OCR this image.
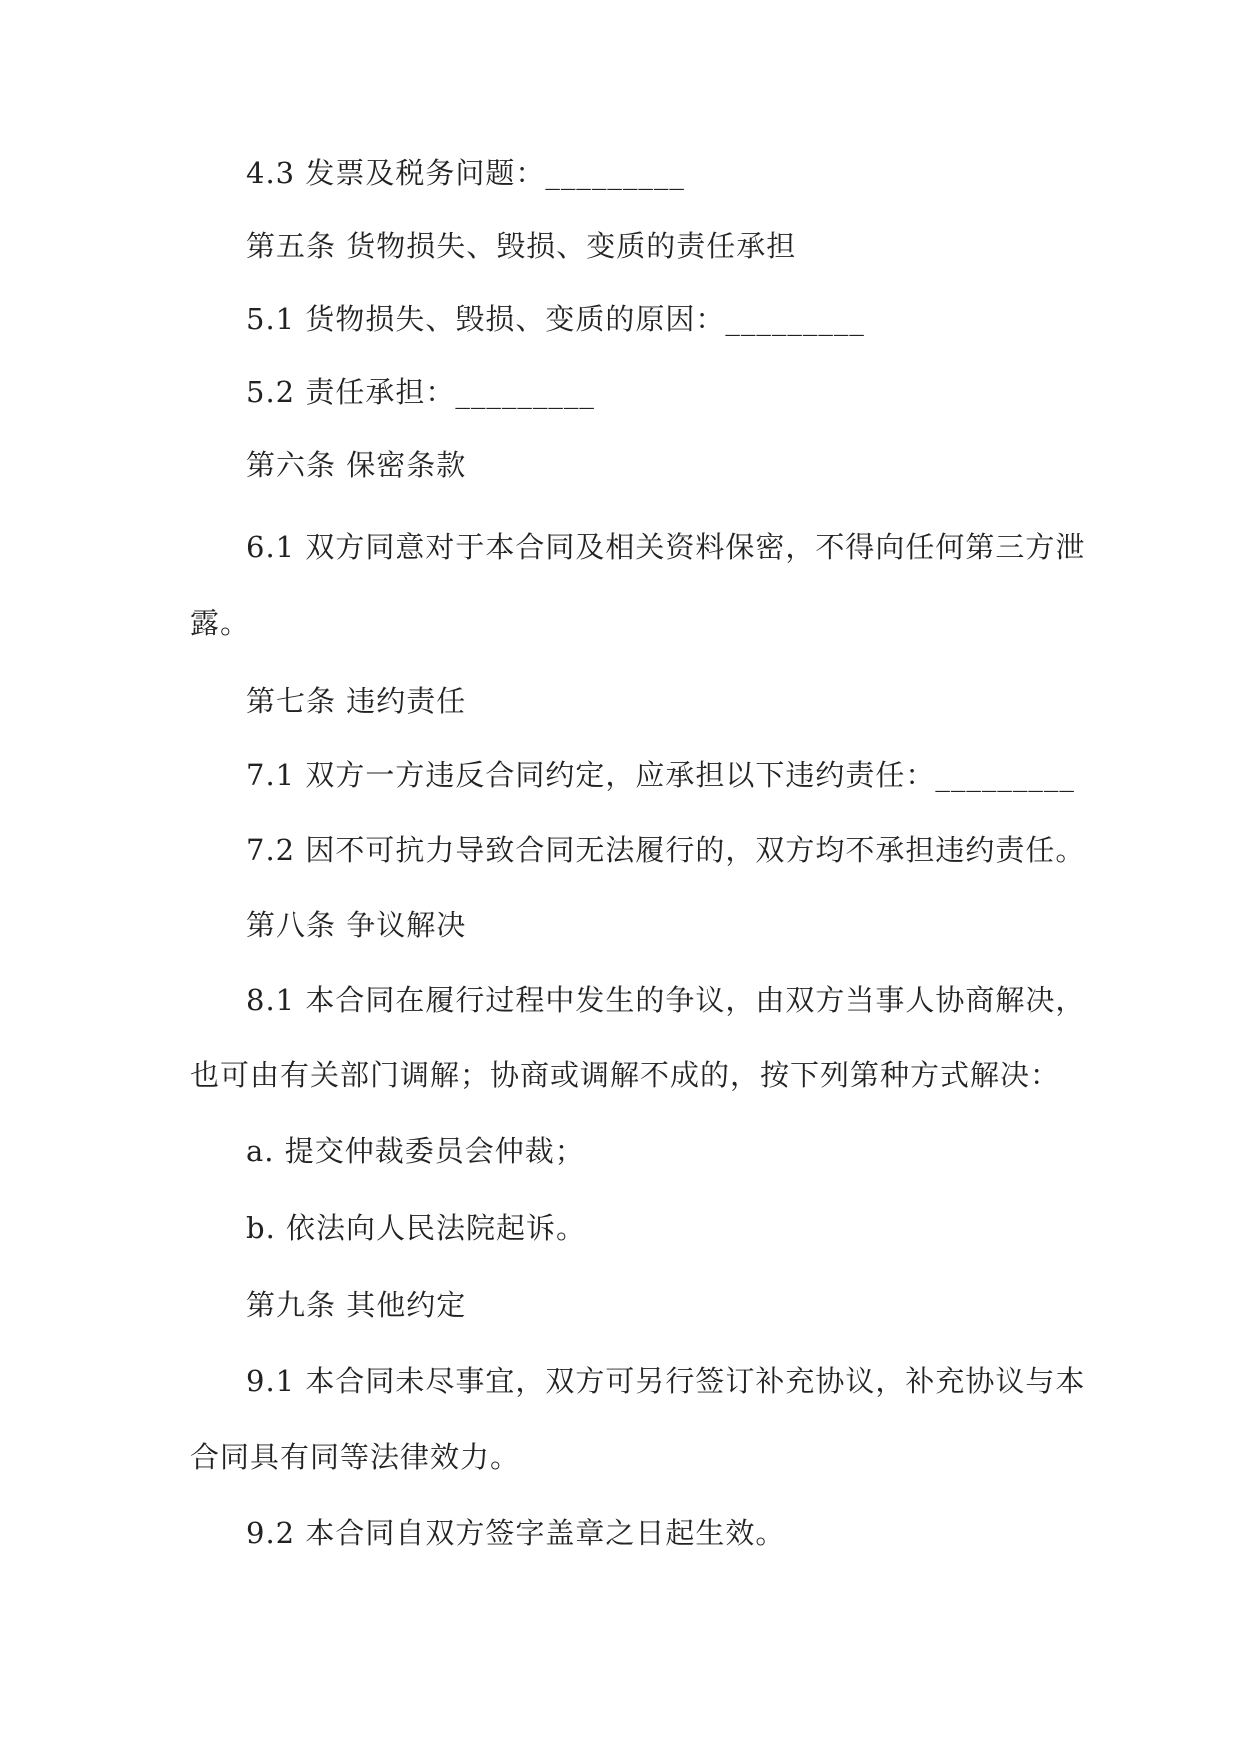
4.3 发票及税务问题：_________
第五条 货物损失、毁损、变质的责任承担
5.1 货物损失、毁损、变质的原因：_________
5.2 责任承担：_________
第六条 保密条款
6.1 双方同意对于本合同及相关资料保密，不得向任何第三方泄
露。
第七条 违约责任
7.1 双方一方违反合同约定，应承担以下违约责任：_________
7.2 因不可抗力导致合同无法履行的，双方均不承担违约责任。
第八条 争议解决
8.1 本合同在履行过程中发生的争议，由双方当事人协商解决，
也可由有关部门调解；协商或调解不成的，按下列第种方式解决：
a. 提交仲裁委员会仲裁；
b. 依法向人民法院起诉。
第九条 其他约定
9.1 本合同未尽事宜，双方可另行签订补充协议，补充协议与本
合同具有同等法律效力。
9.2 本合同自双方签字盖章之日起生效。
